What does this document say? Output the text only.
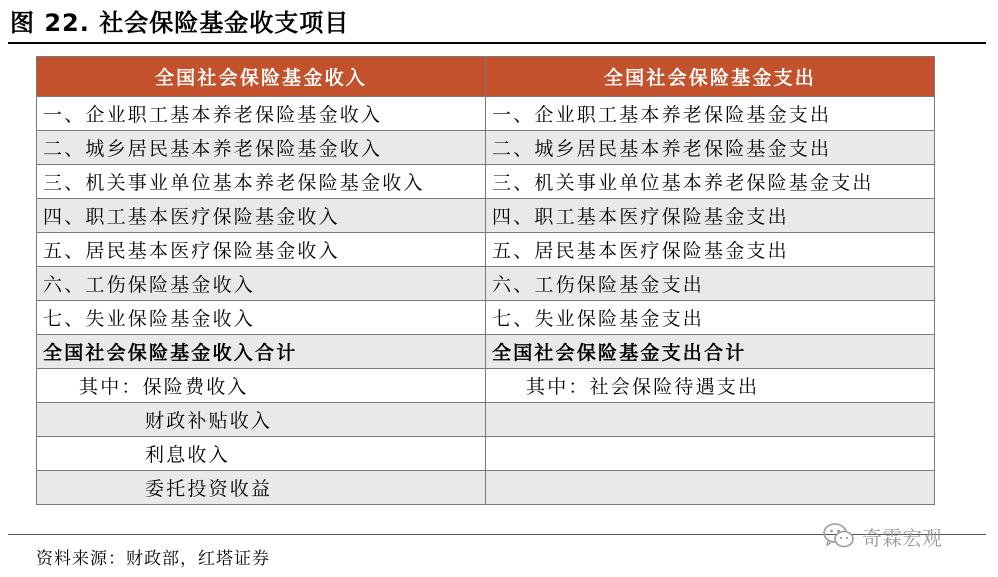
图 22. 社会保险基金收支项目
全国社会保险基金收入	全国社会保险基金支出
一、企业职工基本养老保险基金收入	一、企业职工基本养老保险基金支出
二、城乡居民基本养老保险基金收入	二、城乡居民基本养老保险基金支出
三、机关事业单位基本养老保险基金收入	三、机关事业单位基本养老保险基金支出
四、职工基本医疗保险基金收入	四、职工基本医疗保险基金支出
五、居民基本医疗保险基金收入	五、居民基本医疗保险基金支出
六、工伤保险基金收入	六、工伤保险基金支出
七、失业保险基金收入	七、失业保险基金支出
全国社会保险基金收入合计	全国社会保险基金支出合计
其中：保险费收入	其中：社会保险待遇支出
财政补贴收入	
利息收入	
委托投资收益	
奇霖宏观
资料来源：财政部，红塔证券
